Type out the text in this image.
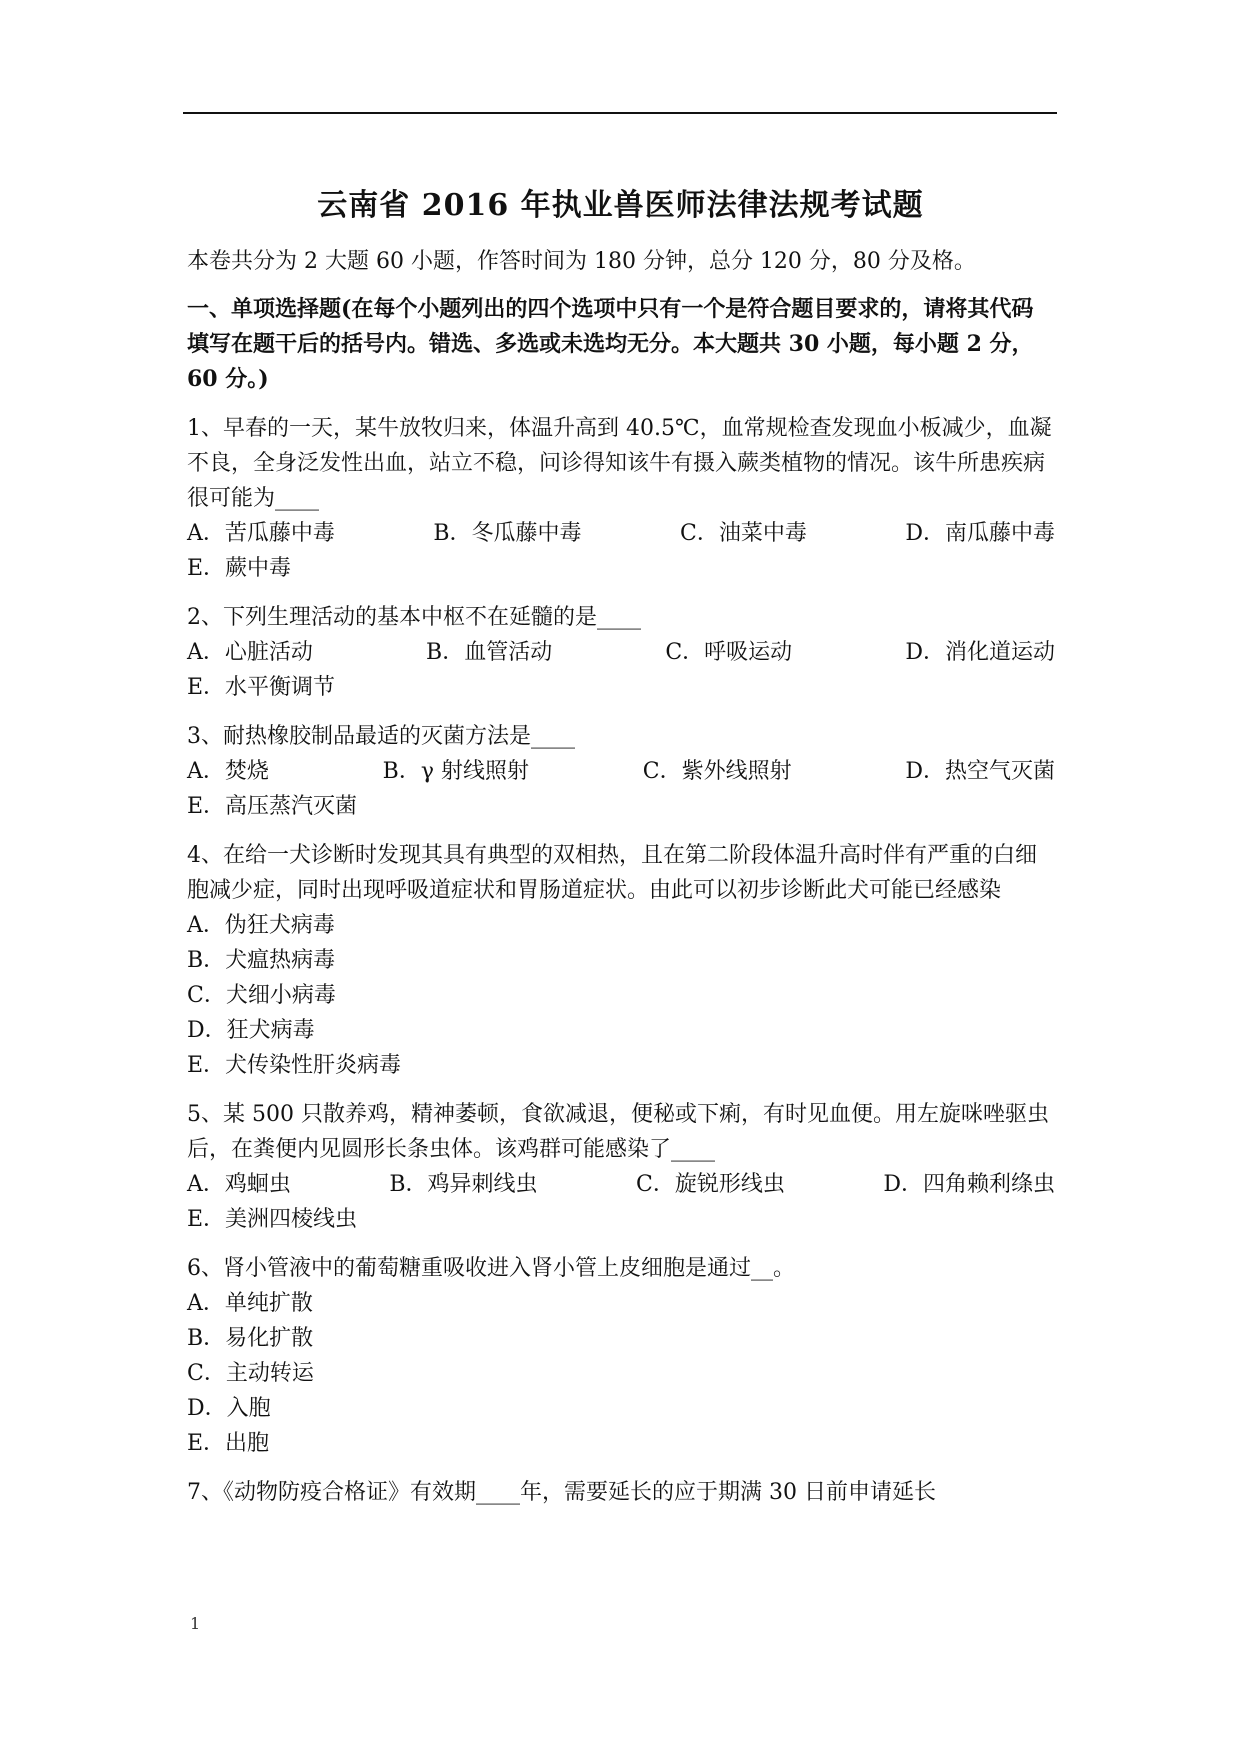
云南省 2016 年执业兽医师法律法规考试题

本卷共分为 2 大题 60 小题，作答时间为 180 分钟，总分 120 分，80 分及格。

一、单项选择题(在每个小题列出的四个选项中只有一个是符合题目要求的，请将其代码填写在题干后的括号内。错选、多选或未选均无分。本大题共 30 小题，每小题 2 分，60 分。)

1、早春的一天，某牛放牧归来，体温升高到 40.5℃，血常规检查发现血小板减少，血凝不良，全身泛发性出血，站立不稳，问诊得知该牛有摄入蕨类植物的情况。该牛所患疾病很可能为____

A．苦瓜藤中毒	B．冬瓜藤中毒	C．油菜中毒	D．南瓜藤中毒
E．蕨中毒

2、下列生理活动的基本中枢不在延髓的是____

A．心脏活动	B．血管活动	C．呼吸运动	D．消化道运动
E．水平衡调节

3、耐热橡胶制品最适的灭菌方法是____

A．焚烧	B．γ 射线照射	C．紫外线照射	D．热空气灭菌
E．高压蒸汽灭菌

4、在给一犬诊断时发现其具有典型的双相热，且在第二阶段体温升高时伴有严重的白细胞减少症，同时出现呼吸道症状和胃肠道症状。由此可以初步诊断此犬可能已经感染

A．伪狂犬病毒
B．犬瘟热病毒
C．犬细小病毒
D．狂犬病毒
E．犬传染性肝炎病毒

5、某 500 只散养鸡，精神萎顿，食欲减退，便秘或下痢，有时见血便。用左旋咪唑驱虫后，在粪便内见圆形长条虫体。该鸡群可能感染了____

A．鸡蛔虫	B．鸡异刺线虫	C．旋锐形线虫	D．四角赖利绦虫
E．美洲四棱线虫

6、肾小管液中的葡萄糖重吸收进入肾小管上皮细胞是通过__。

A．单纯扩散
B．易化扩散
C．主动转运
D．入胞
E．出胞

7、《动物防疫合格证》有效期____年，需要延长的应于期满 30 日前申请延长

1
